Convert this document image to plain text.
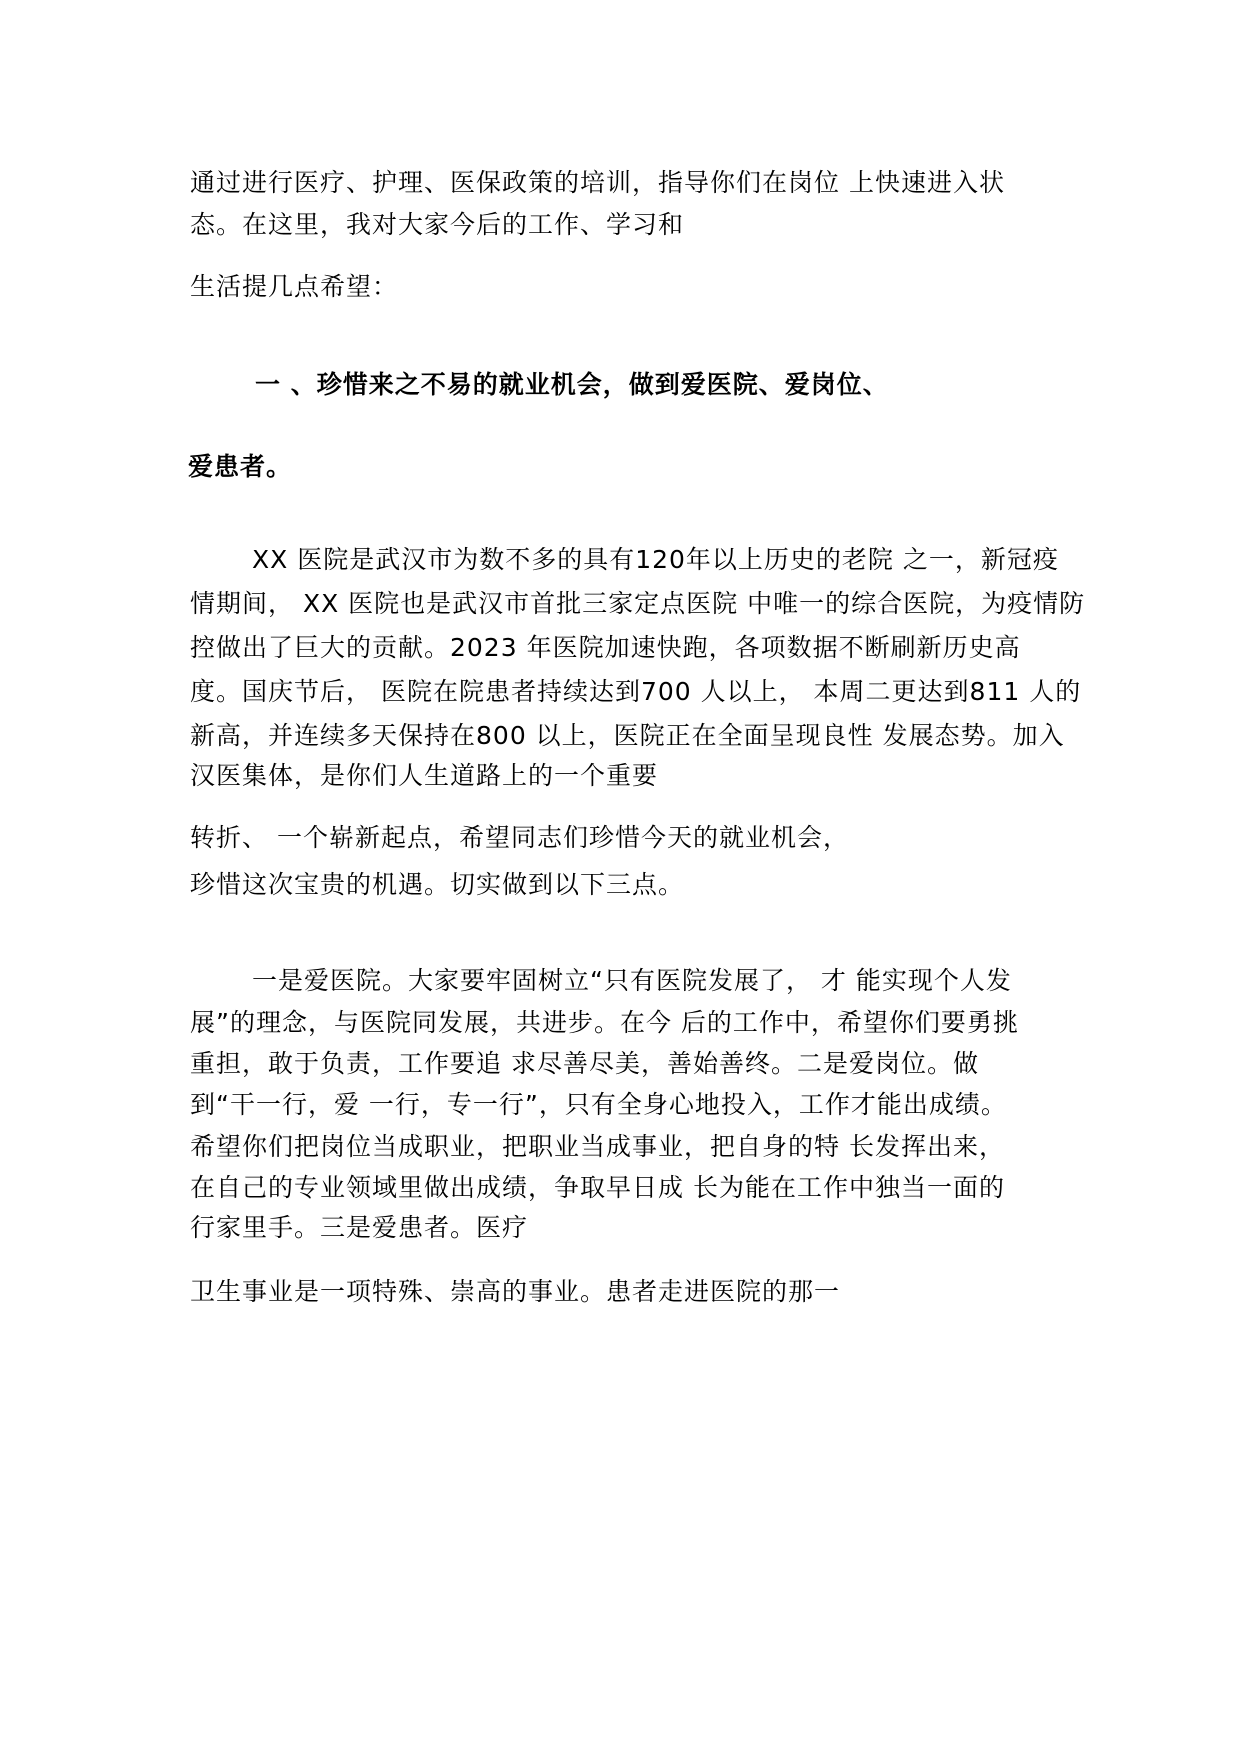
通过进行医疗、护理、医保政策的培训，指导你们在岗位 上快速进入状
态。在这里，我对大家今后的工作、学习和
生活提几点希望：
一 、珍惜来之不易的就业机会，做到爱医院、爱岗位、
爱患者。
XX 医院是武汉市为数不多的具有120年以上历史的老院 之一，新冠疫
情期间， XX 医院也是武汉市首批三家定点医院 中唯一的综合医院，为疫情防
控做出了巨大的贡献。2023 年医院加速快跑，各项数据不断刷新历史高
度。国庆节后， 医院在院患者持续达到700 人以上， 本周二更达到811 人的
新高，并连续多天保持在800 以上，医院正在全面呈现良性 发展态势。加入
汉医集体，是你们人生道路上的一个重要
转折、 一个崭新起点，希望同志们珍惜今天的就业机会，
珍惜这次宝贵的机遇。切实做到以下三点。
一是爱医院。大家要牢固树立“只有医院发展了， 才 能实现个人发
展”的理念，与医院同发展，共进步。在今 后的工作中，希望你们要勇挑
重担，敢于负责，工作要追 求尽善尽美，善始善终。二是爱岗位。做
到“干一行，爱 一行，专一行”，只有全身心地投入，工作才能出成绩。
希望你们把岗位当成职业，把职业当成事业，把自身的特 长发挥出来，
在自己的专业领域里做出成绩，争取早日成 长为能在工作中独当一面的
行家里手。三是爱患者。医疗
卫生事业是一项特殊、崇高的事业。患者走进医院的那一
